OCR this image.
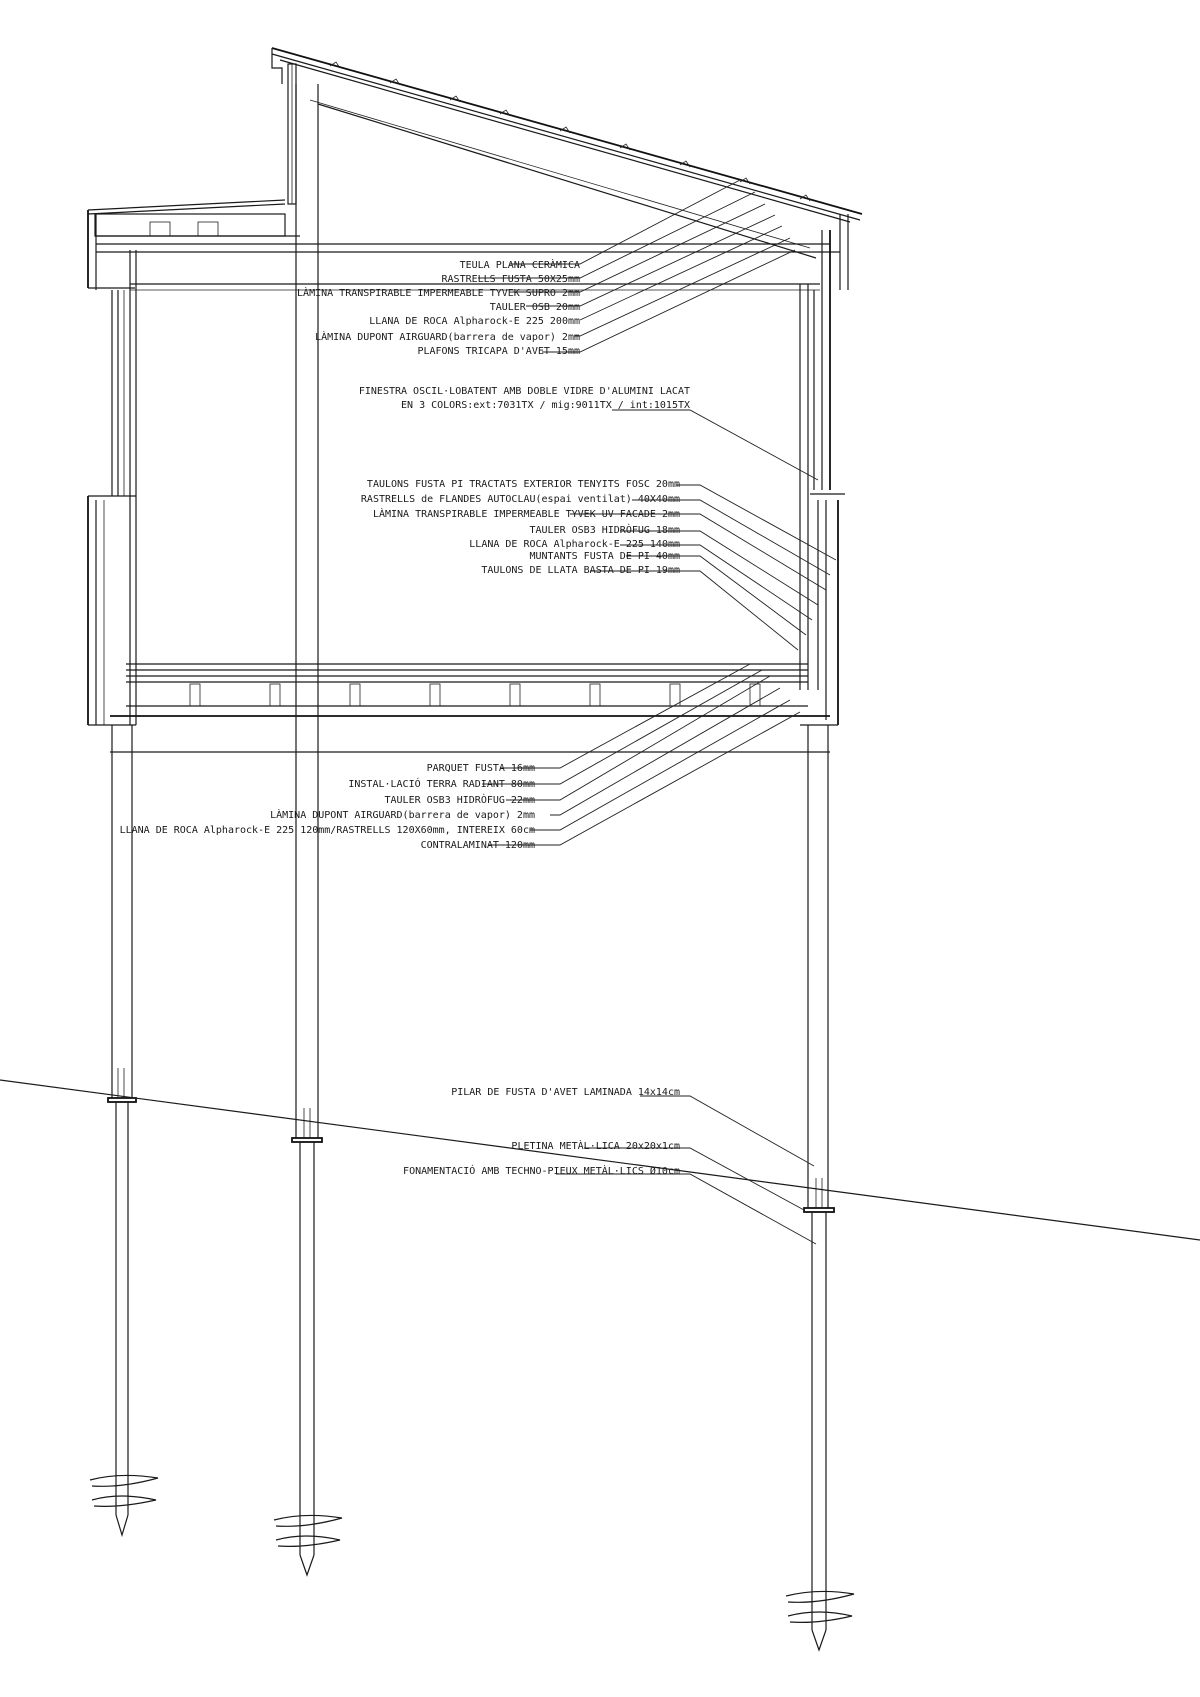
TEULA PLANA CERÀMICA
RASTRELLS FUSTA 50X25mm
LÀMINA TRANSPIRABLE IMPERMEABLE TYVEK SUPRO 2mm
TAULER OSB 20mm
LLANA DE ROCA Alpharock-E 225 200mm
LÀMINA DUPONT AIRGUARD(barrera de vapor) 2mm
PLAFONS TRICAPA D'AVET 15mm
FINESTRA OSCIL·LOBATENT AMB DOBLE VIDRE D'ALUMINI LACAT
EN 3 COLORS:ext:7031TX / mig:9011TX / int:1015TX
TAULONS FUSTA PI TRACTATS EXTERIOR TENYITS FOSC 20mm
RASTRELLS de FLANDES AUTOCLAU(espai ventilat) 40X40mm
LÀMINA TRANSPIRABLE IMPERMEABLE TYVEK UV FACADE 2mm
TAULER OSB3 HIDRÒFUG 18mm
LLANA DE ROCA Alpharock-E 225 140mm
MUNTANTS FUSTA DE PI 40mm
TAULONS DE LLATA BASTA DE PI 19mm
PARQUET FUSTA 16mm
INSTAL·LACIÓ TERRA RADIANT 80mm
TAULER OSB3 HIDRÒFUG 22mm
LÀMINA DUPONT AIRGUARD(barrera de vapor) 2mm
LLANA DE ROCA Alpharock-E 225 120mm/RASTRELLS 120X60mm, INTEREIX 60cm
CONTRALAMINAT 120mm
PILAR DE FUSTA D'AVET LAMINADA 14x14cm
PLETINA METÀL·LICA 20x20x1cm
FONAMENTACIÓ AMB TECHNO-PIEUX METÀL·LICS Ø10cm
